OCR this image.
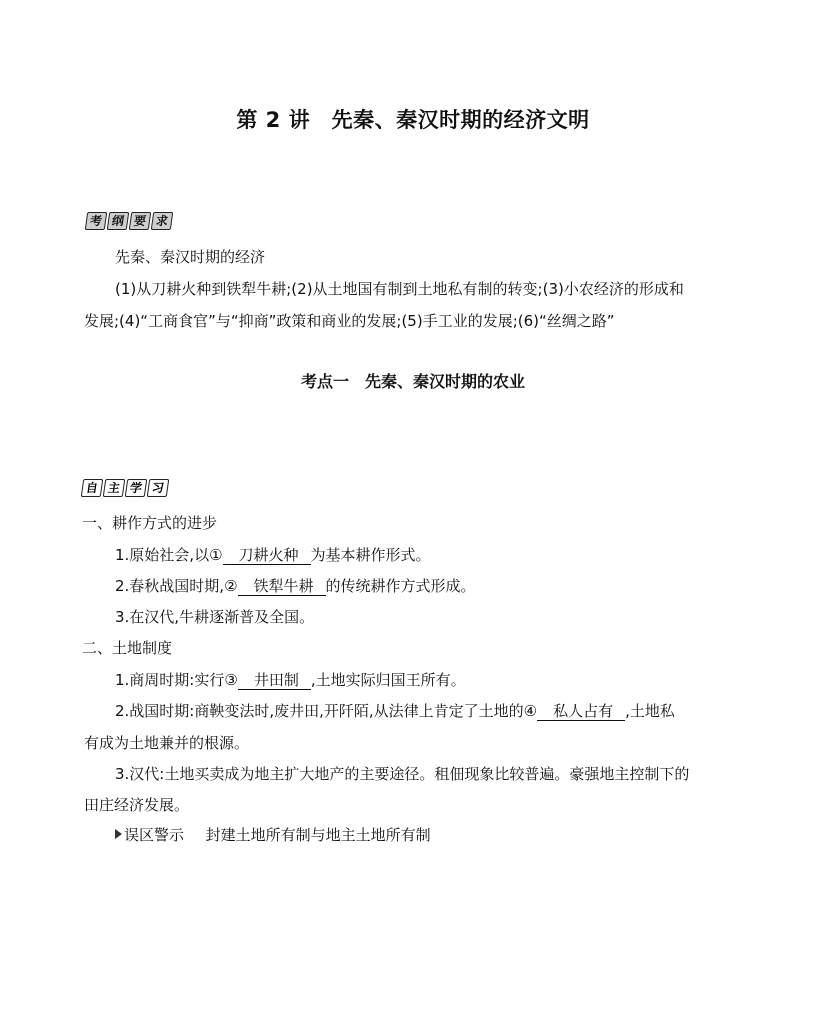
第 2 讲　先秦、秦汉时期的经济文明
考 纲 要 求
先秦、秦汉时期的经济
(1)从刀耕火种到铁犁牛耕;(2)从土地国有制到土地私有制的转变;(3)小农经济的形成和
发展;(4)“工商食官”与“抑商”政策和商业的发展;(5)手工业的发展;(6)“丝绸之路”
考点一　先秦、秦汉时期的农业
自 主 学 习
一、耕作方式的进步
1.原始社会,以① 刀耕火种 为基本耕作形式。
2.春秋战国时期,② 铁犁牛耕 的传统耕作方式形成。
3.在汉代,牛耕逐渐普及全国。
二、土地制度
1.商周时期:实行③ 井田制 ,土地实际归国王所有。
2.战国时期:商鞅变法时,废井田,开阡陌,从法律上肯定了土地的④ 私人占有 ,土地私
有成为土地兼并的根源。
3.汉代:土地买卖成为地主扩大地产的主要途径。租佃现象比较普遍。豪强地主控制下的
田庄经济发展。
误区警示 封建土地所有制与地主土地所有制
